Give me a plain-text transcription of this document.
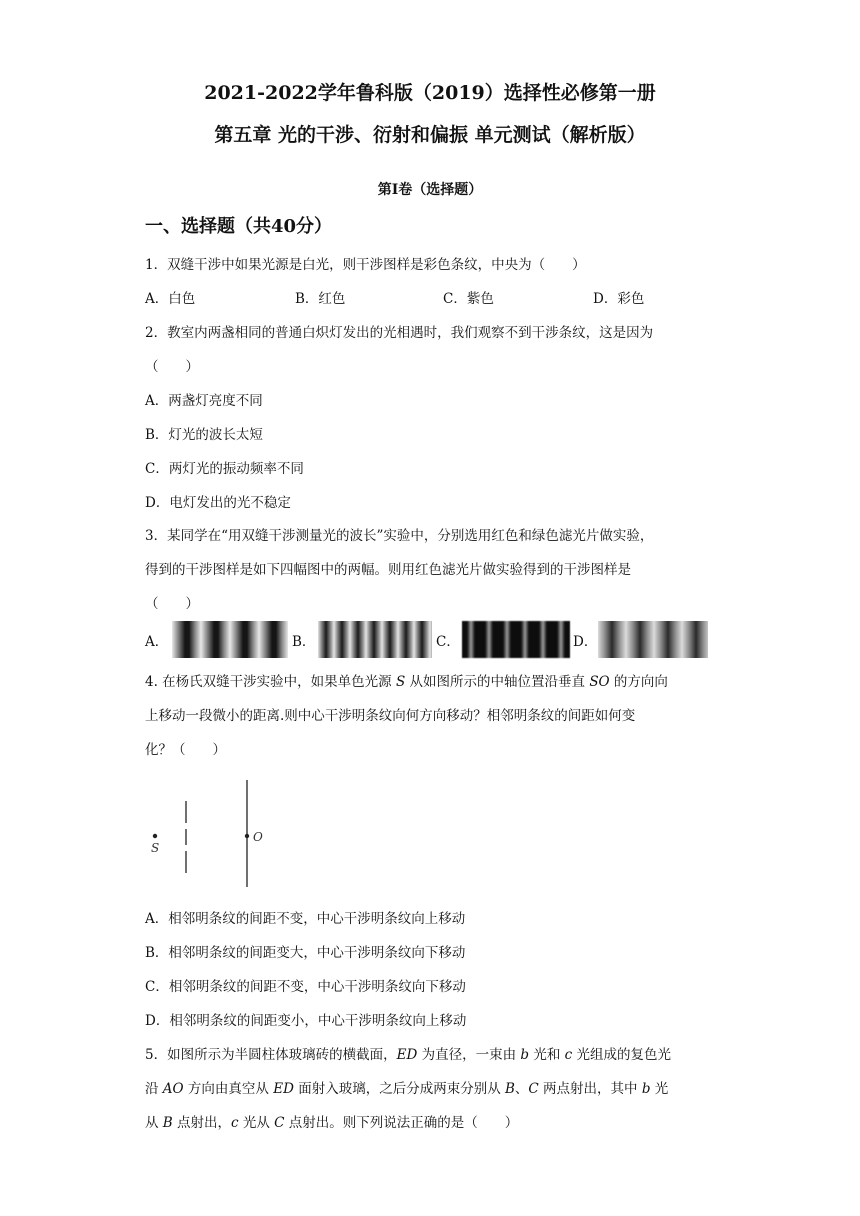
2021-2022学年鲁科版（2019）选择性必修第一册
第五章 光的干涉、衍射和偏振 单元测试（解析版）
第I卷（选择题）
一、选择题（共40分）
1．双缝干涉中如果光源是白光，则干涉图样是彩色条纹，中央为（　　）
A．白色	B．红色	C．紫色	D．彩色
2．教室内两盏相同的普通白炽灯发出的光相遇时，我们观察不到干涉条纹，这是因为
（　　）
A．两盏灯亮度不同
B．灯光的波长太短
C．两灯光的振动频率不同
D．电灯发出的光不稳定
3．某同学在“用双缝干涉测量光的波长”实验中，分别选用红色和绿色滤光片做实验，
得到的干涉图样是如下四幅图中的两幅。则用红色滤光片做实验得到的干涉图样是
（　　）
A．	B．	C．	D．
4. 在杨氏双缝干涉实验中，如果单色光源 S 从如图所示的中轴位置沿垂直 SO 的方向向
上移动一段微小的距离.则中心干涉明条纹向何方向移动？相邻明条纹的间距如何变
化？（　　）
S
O
A．相邻明条纹的间距不变，中心干涉明条纹向上移动
B．相邻明条纹的间距变大，中心干涉明条纹向下移动
C．相邻明条纹的间距不变，中心干涉明条纹向下移动
D．相邻明条纹的间距变小，中心干涉明条纹向上移动
5．如图所示为半圆柱体玻璃砖的横截面，ED 为直径，一束由 b 光和 c 光组成的复色光
沿 AO 方向由真空从 ED 面射入玻璃，之后分成两束分别从 B、C 两点射出，其中 b 光
从 B 点射出，c 光从 C 点射出。则下列说法正确的是（　　）
